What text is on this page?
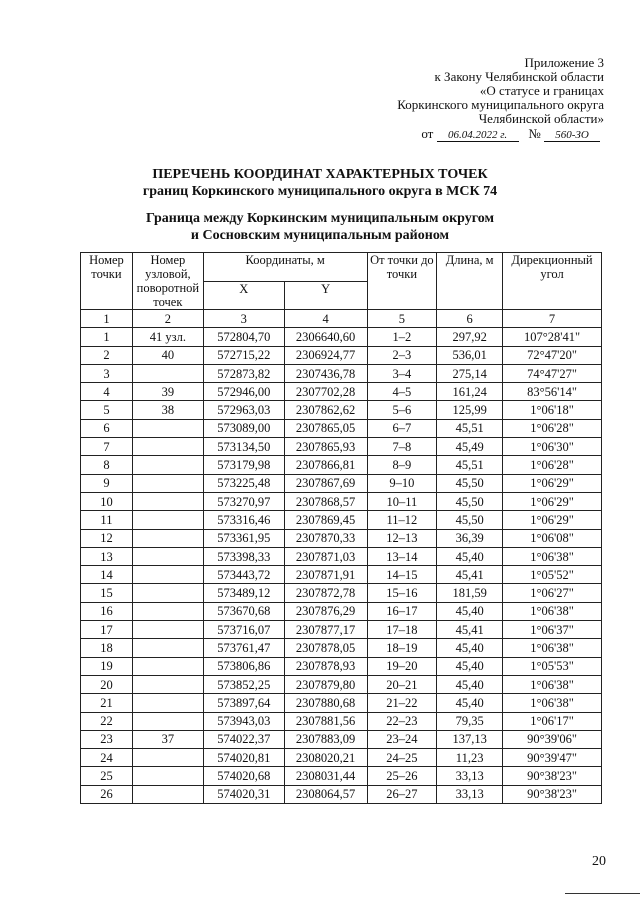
Приложение 3
к Закону Челябинской области
«О статусе и границах
Коркинского муниципального округа
Челябинской области»
от 06.04.2022 г. № 560-ЗО
ПЕРЕЧЕНЬ КООРДИНАТ ХАРАКТЕРНЫХ ТОЧЕК
границ Коркинского муниципального округа в МСК 74
Граница между Коркинским муниципальным округом
и Сосновским муниципальным районом
Номер точки	Номер узловой, поворотной точек	Координаты, м		От точки до точки	Длина, м	Дирекционный угол
		X	Y			
1	2	3	4	5	6	7
1	41 узл.	572804,70	2306640,60	1–2	297,92	107°28'41"
2	40	572715,22	2306924,77	2–3	536,01	72°47'20"
3		572873,82	2307436,78	3–4	275,14	74°47'27"
4	39	572946,00	2307702,28	4–5	161,24	83°56'14"
5	38	572963,03	2307862,62	5–6	125,99	1°06'18"
6		573089,00	2307865,05	6–7	45,51	1°06'28"
7		573134,50	2307865,93	7–8	45,49	1°06'30"
8		573179,98	2307866,81	8–9	45,51	1°06'28"
9		573225,48	2307867,69	9–10	45,50	1°06'29"
10		573270,97	2307868,57	10–11	45,50	1°06'29"
11		573316,46	2307869,45	11–12	45,50	1°06'29"
12		573361,95	2307870,33	12–13	36,39	1°06'08"
13		573398,33	2307871,03	13–14	45,40	1°06'38"
14		573443,72	2307871,91	14–15	45,41	1°05'52"
15		573489,12	2307872,78	15–16	181,59	1°06'27"
16		573670,68	2307876,29	16–17	45,40	1°06'38"
17		573716,07	2307877,17	17–18	45,41	1°06'37"
18		573761,47	2307878,05	18–19	45,40	1°06'38"
19		573806,86	2307878,93	19–20	45,40	1°05'53"
20		573852,25	2307879,80	20–21	45,40	1°06'38"
21		573897,64	2307880,68	21–22	45,40	1°06'38"
22		573943,03	2307881,56	22–23	79,35	1°06'17"
23	37	574022,37	2307883,09	23–24	137,13	90°39'06"
24		574020,81	2308020,21	24–25	11,23	90°39'47"
25		574020,68	2308031,44	25–26	33,13	90°38'23"
26		574020,31	2308064,57	26–27	33,13	90°38'23"
20
